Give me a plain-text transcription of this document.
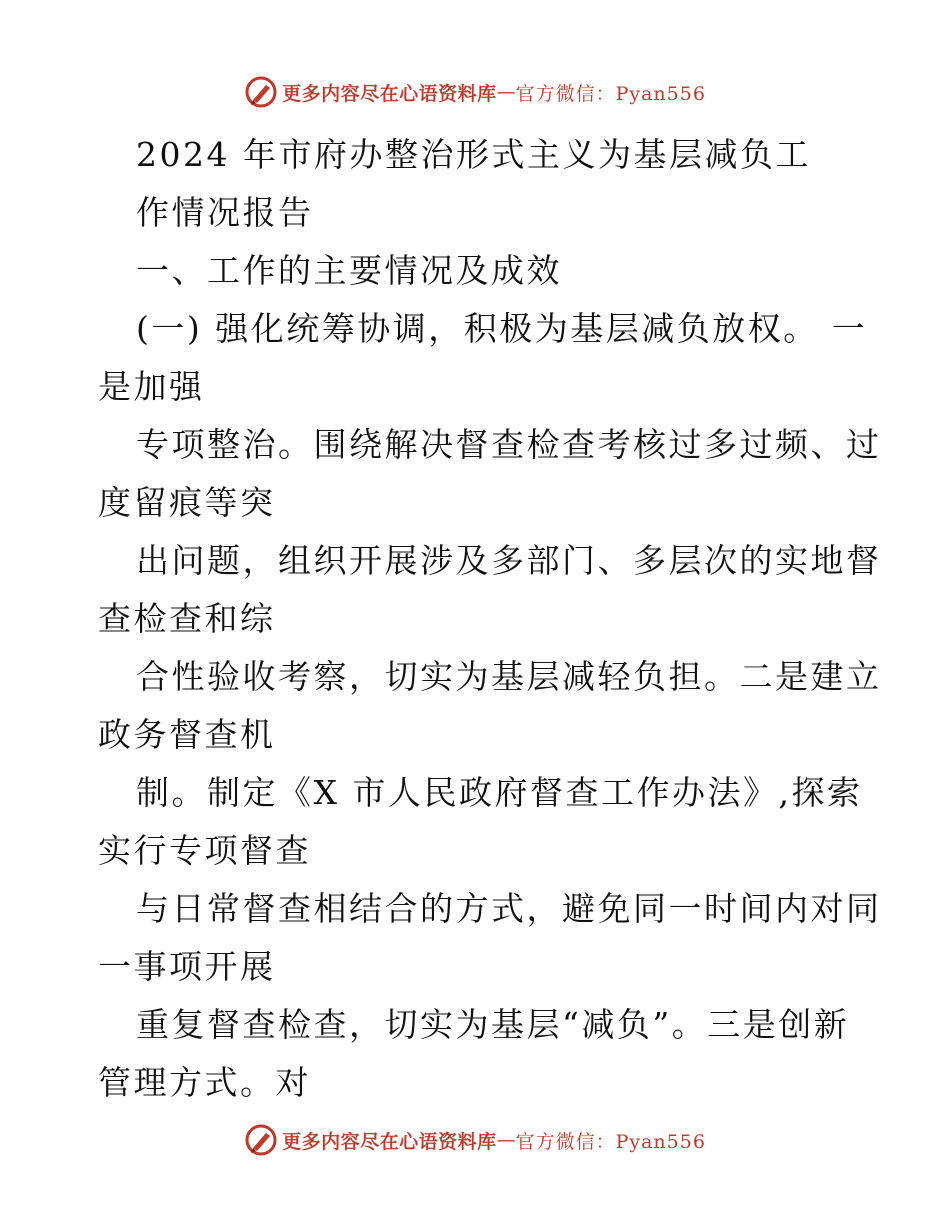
更多内容尽在心语资料库 — 官方微信：Pyan556
2024 年市府办整治形式主义为基层减负工
作情况报告
一、工作的主要情况及成效
(一) 强化统筹协调，积极为基层减负放权。 一
是加强
专项整治。围绕解决督查检查考核过多过频、过
度留痕等突
出问题，组织开展涉及多部门、多层次的实地督
查检查和综
合性验收考察，切实为基层减轻负担。二是建立
政务督查机
制。制定《X 市人民政府督查工作办法》,探索
实行专项督查
与日常督查相结合的方式，避免同一时间内对同
一事项开展
重复督查检查，切实为基层“减负”。三是创新
管理方式。对
更多内容尽在心语资料库 — 官方微信：Pyan556
